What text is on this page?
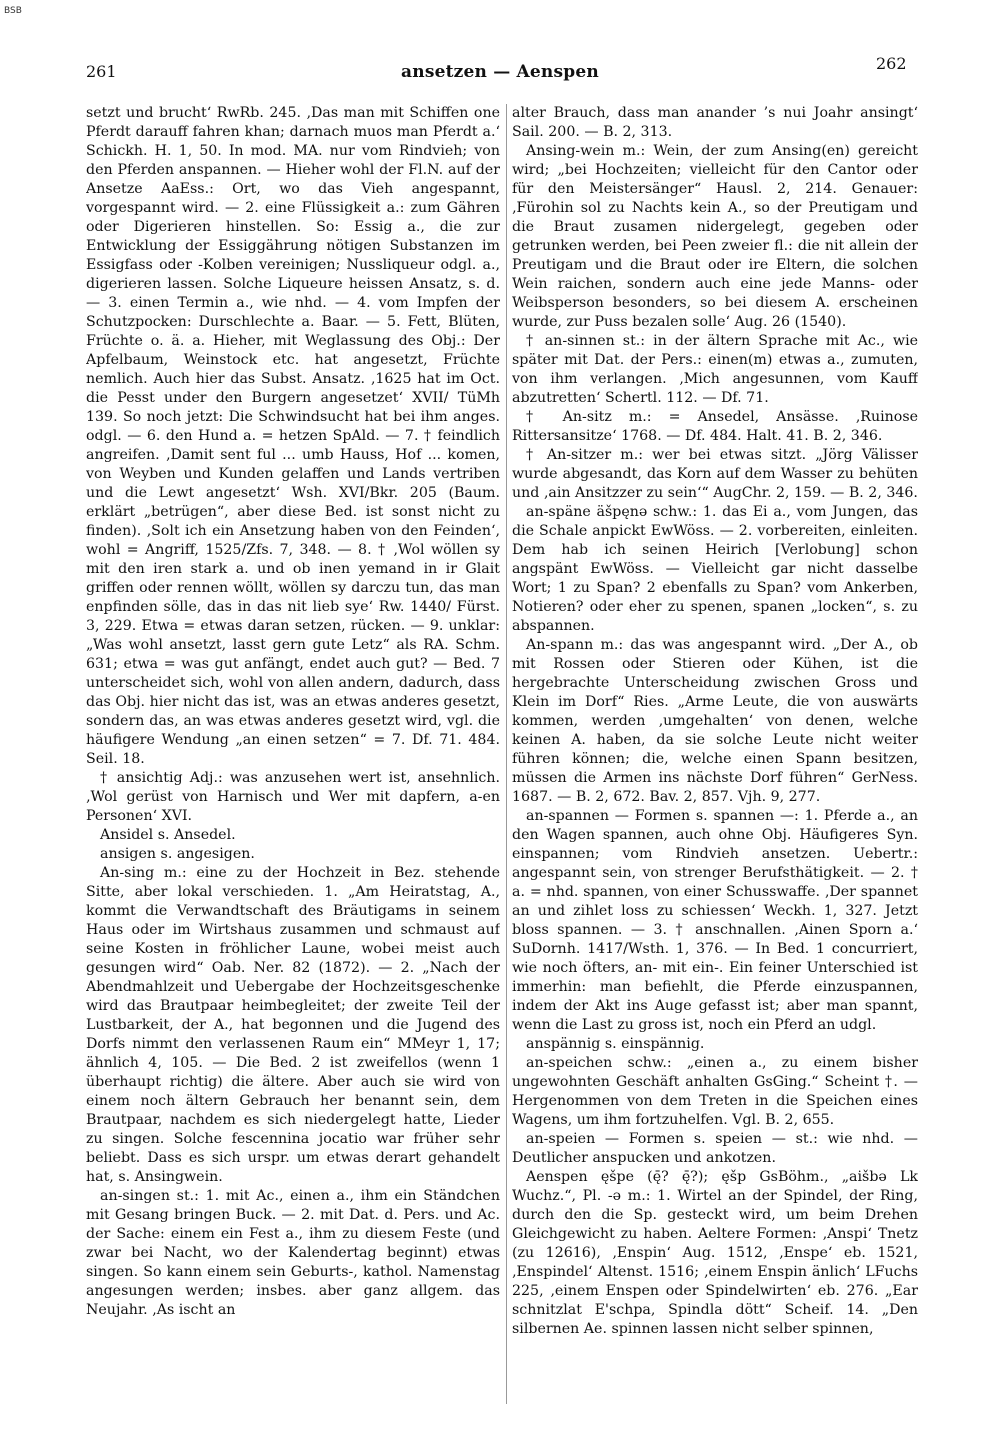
BSB
261	ansetzen — Aenspen	262

setzt und brucht‘ RwRb. 245. ‚Das man mit Schiffen one Pferdt darauff fahren khan; darnach muos man Pferdt a.‘ Schickh. H. 1, 50. In mod. MA. nur vom Rindvieh; von den Pferden anspannen. — Hieher wohl der Fl.N. auf der Ansetze AaEss.: Ort, wo das Vieh angespannt, vorgespannt wird. — 2. eine Flüssigkeit a.: zum Gähren oder Digerieren hinstellen. So: Essig a., die zur Entwicklung der Essiggährung nötigen Substanzen im Essigfass oder -Kolben vereinigen; Nussliqueur odgl. a., digerieren lassen. Solche Liqueure heissen Ansatz, s. d. — 3. einen Termin a., wie nhd. — 4. vom Impfen der Schutzpocken: Durschlechte a. Baar. — 5. Fett, Blüten, Früchte o. ä. a. Hieher, mit Weglassung des Obj.: Der Apfelbaum, Weinstock etc. hat angesetzt, Früchte nemlich. Auch hier das Subst. Ansatz. ‚1625 hat im Oct. die Pesst under den Burgern angesetzet‘ XVII/ TüMh 139. So noch jetzt: Die Schwindsucht hat bei ihm anges. odgl. — 6. den Hund a. = hetzen SpAld. — 7. † feindlich angreifen. ‚Damit sent ful ... umb Hauss, Hof ... komen, von Weyben und Kunden gelaffen und Lands vertriben und die Lewt angesetzt‘ Wsh. XVI/Bkr. 205 (Baum. erklärt „betrügen“, aber diese Bed. ist sonst nicht zu finden). ‚Solt ich ein Ansetzung haben von den Feinden‘, wohl = Angriff, 1525/Zfs. 7, 348. — 8. † ‚Wol wöllen sy mit den iren stark a. und ob inen yemand in ir Glait griffen oder rennen wöllt, wöllen sy darczu tun, das man enpfinden sölle, das in das nit lieb sye‘ Rw. 1440/ Fürst. 3, 229. Etwa = etwas daran setzen, rücken. — 9. unklar: „Was wohl ansetzt, lasst gern gute Letz“ als RA. Schm. 631; etwa = was gut anfängt, endet auch gut? — Bed. 7 unterscheidet sich, wohl von allen andern, dadurch, dass das Obj. hier nicht das ist, was an etwas anderes gesetzt, sondern das, an was etwas anderes gesetzt wird, vgl. die häufigere Wendung „an einen setzen“ = 7. Df. 71. 484. Seil. 18.

† ansichtig Adj.: was anzusehen wert ist, ansehnlich. ‚Wol gerüst von Harnisch und Wer mit dapfern, a-en Personen‘ XVI.

Ansidel s. Ansedel.

ansigen s. angesigen.

An-sing m.: eine zu der Hochzeit in Bez. stehende Sitte, aber lokal verschieden. 1. „Am Heiratstag, A., kommt die Verwandtschaft des Bräutigams in seinem Haus oder im Wirtshaus zusammen und schmaust auf seine Kosten in fröhlicher Laune, wobei meist auch gesungen wird“ Oab. Ner. 82 (1872). — 2. „Nach der Abendmahlzeit und Uebergabe der Hochzeitsgeschenke wird das Brautpaar heimbegleitet; der zweite Teil der Lustbarkeit, der A., hat begonnen und die Jugend des Dorfs nimmt den verlassenen Raum ein“ MMeyr 1, 17; ähnlich 4, 105. — Die Bed. 2 ist zweifellos (wenn 1 überhaupt richtig) die ältere. Aber auch sie wird von einem noch ältern Gebrauch her benannt sein, dem Brautpaar, nachdem es sich niedergelegt hatte, Lieder zu singen. Solche fescennina jocatio war früher sehr beliebt. Dass es sich urspr. um etwas derart gehandelt hat, s. Ansingwein.

an-singen st.: 1. mit Ac., einen a., ihm ein Ständchen mit Gesang bringen Buck. — 2. mit Dat. d. Pers. und Ac. der Sache: einem ein Fest a., ihm zu diesem Feste (und zwar bei Nacht, wo der Kalendertag beginnt) etwas singen. So kann einem sein Geburts-, kathol. Namenstag angesungen werden; insbes. aber ganz allgem. das Neujahr. ‚As ischt an

alter Brauch, dass man anander ’s nui Joahr ansingt‘ Sail. 200. — B. 2, 313.

Ansing-wein m.: Wein, der zum Ansing(en) gereicht wird; „bei Hochzeiten; vielleicht für den Cantor oder für den Meistersänger“ Hausl. 2, 214. Genauer: ‚Fürohin sol zu Nachts kein A., so der Preutigam und die Braut zusamen nidergelegt, gegeben oder getrunken werden, bei Peen zweier fl.: die nit allein der Preutigam und die Braut oder ire Eltern, die solchen Wein raichen, sondern auch eine jede Manns- oder Weibsperson besonders, so bei diesem A. erscheinen wurde, zur Puss bezalen solle‘ Aug. 26 (1540).

† an-sinnen st.: in der ältern Sprache mit Ac., wie später mit Dat. der Pers.: einen(m) etwas a., zumuten, von ihm verlangen. ‚Mich angesunnen, vom Kauff abzutretten‘ Schertl. 112. — Df. 71.

† An-sitz m.: = Ansedel, Ansässe. ‚Ruinose Rittersansitze‘ 1768. — Df. 484. Halt. 41. B. 2, 346.

† An-sitzer m.: wer bei etwas sitzt. „Jörg Välisser wurde abgesandt, das Korn auf dem Wasser zu behüten und ‚ain Ansitzzer zu sein‘“ AugChr. 2, 159. — B. 2, 346.

an-späne äšpęnə schw.: 1. das Ei a., vom Jungen, das die Schale anpickt EwWöss. — 2. vorbereiten, einleiten. Dem hab ich seinen Heirich [Verlobung] schon angspänt EwWöss. — Vielleicht gar nicht dasselbe Wort; 1 zu Span? 2 ebenfalls zu Span? vom Ankerben, Notieren? oder eher zu spenen, spanen „locken“, s. zu abspannen.

An-spann m.: das was angespannt wird. „Der A., ob mit Rossen oder Stieren oder Kühen, ist die hergebrachte Unterscheidung zwischen Gross und Klein im Dorf“ Ries. „Arme Leute, die von auswärts kommen, werden ‚umgehalten‘ von denen, welche keinen A. haben, da sie solche Leute nicht weiter führen können; die, welche einen Spann besitzen, müssen die Armen ins nächste Dorf führen“ GerNess. 1687. — B. 2, 672. Bav. 2, 857. Vjh. 9, 277.

an-spannen — Formen s. spannen —: 1. Pferde a., an den Wagen spannen, auch ohne Obj. Häufigeres Syn. einspannen; vom Rindvieh ansetzen. Uebertr.: angespannt sein, von strenger Berufsthätigkeit. — 2. † a. = nhd. spannen, von einer Schusswaffe. ‚Der spannet an und zihlet loss zu schiessen‘ Weckh. 1, 327. Jetzt bloss spannen. — 3. † anschnallen. ‚Ainen Sporn a.‘ SuDornh. 1417/Wsth. 1, 376. — In Bed. 1 concurriert, wie noch öfters, an- mit ein-. Ein feiner Unterschied ist immerhin: man befiehlt, die Pferde einzuspannen, indem der Akt ins Auge gefasst ist; aber man spannt, wenn die Last zu gross ist, noch ein Pferd an udgl.

anspännig s. einspännig.

an-speichen schw.: „einen a., zu einem bisher ungewohnten Geschäft anhalten GsGing.“ Scheint †. — Hergenommen von dem Treten in die Speichen eines Wagens, um ihm fortzuhelfen. Vgl. B. 2, 655.

an-speien — Formen s. speien — st.: wie nhd. — Deutlicher anspucken und ankotzen.

Aenspen ęšpe (ę̄? ę̄?); ęšp GsBöhm., „aišbə Lk Wuchz.“, Pl. -ə m.: 1. Wirtel an der Spindel, der Ring, durch den die Sp. gesteckt wird, um beim Drehen Gleichgewicht zu haben. Aeltere Formen: ‚Anspi‘ Tnetz (zu 12616), ‚Enspin‘ Aug. 1512, ‚Enspe‘ eb. 1521, ‚Enspindel‘ Altenst. 1516; ‚einem Enspin änlich‘ LFuchs 225, ‚einem Enspen oder Spindelwirten‘ eb. 276. „Ear schnitzlat E'schpa, Spindla dött“ Scheif. 14. „Den silbernen Ae. spinnen lassen nicht selber spinnen,
